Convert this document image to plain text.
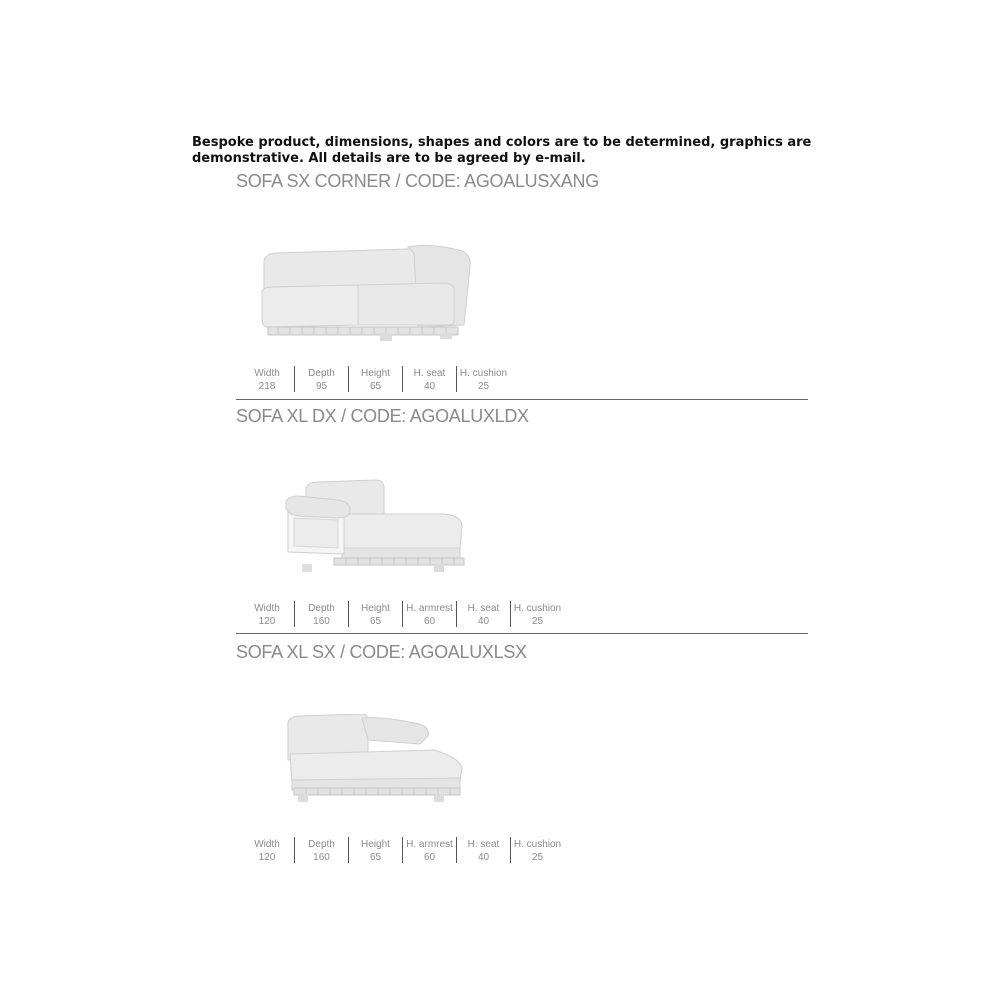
Bespoke product, dimensions, shapes and colors are to be determined, graphics are demonstrative. All details are to be agreed by e-mail.
SOFA SX CORNER / CODE: AGOALUSXANG
Width
218
Depth
95
Height
65
H. seat
40
H. cushion
25
SOFA XL DX / CODE: AGOALUXLDX
Width
120
Depth
160
Height
65
H. armrest
60
H. seat
40
H. cushion
25
SOFA XL SX / CODE: AGOALUXLSX
Width
120
Depth
160
Height
65
H. armrest
60
H. seat
40
H. cushion
25
